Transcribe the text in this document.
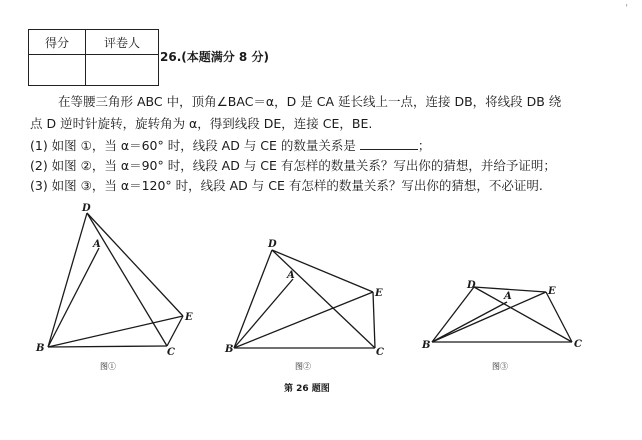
'
得分	评卷人

26.(本题满分 8 分)
在等腰三角形 ABC 中，顶角∠BAC＝α，D 是 CA 延长线上一点，连接 DB，将线段 DB 绕
点 D 逆时针旋转，旋转角为 α，得到线段 DE，连接 CE，BE.
(1) 如图 ①，当 α＝60° 时，线段 AD 与 CE 的数量关系是	；
(2) 如图 ②，当 α＝90° 时，线段 AD 与 CE 有怎样的数量关系？写出你的猜想，并给予证明；
(3) 如图 ③，当 α＝120° 时，线段 AD 与 CE 有怎样的数量关系？写出你的猜想，不必证明.
D
A
B	C
E
图①
D
A
B	C
E
图②
D
A
B	C
E
图③
第 26 题图
